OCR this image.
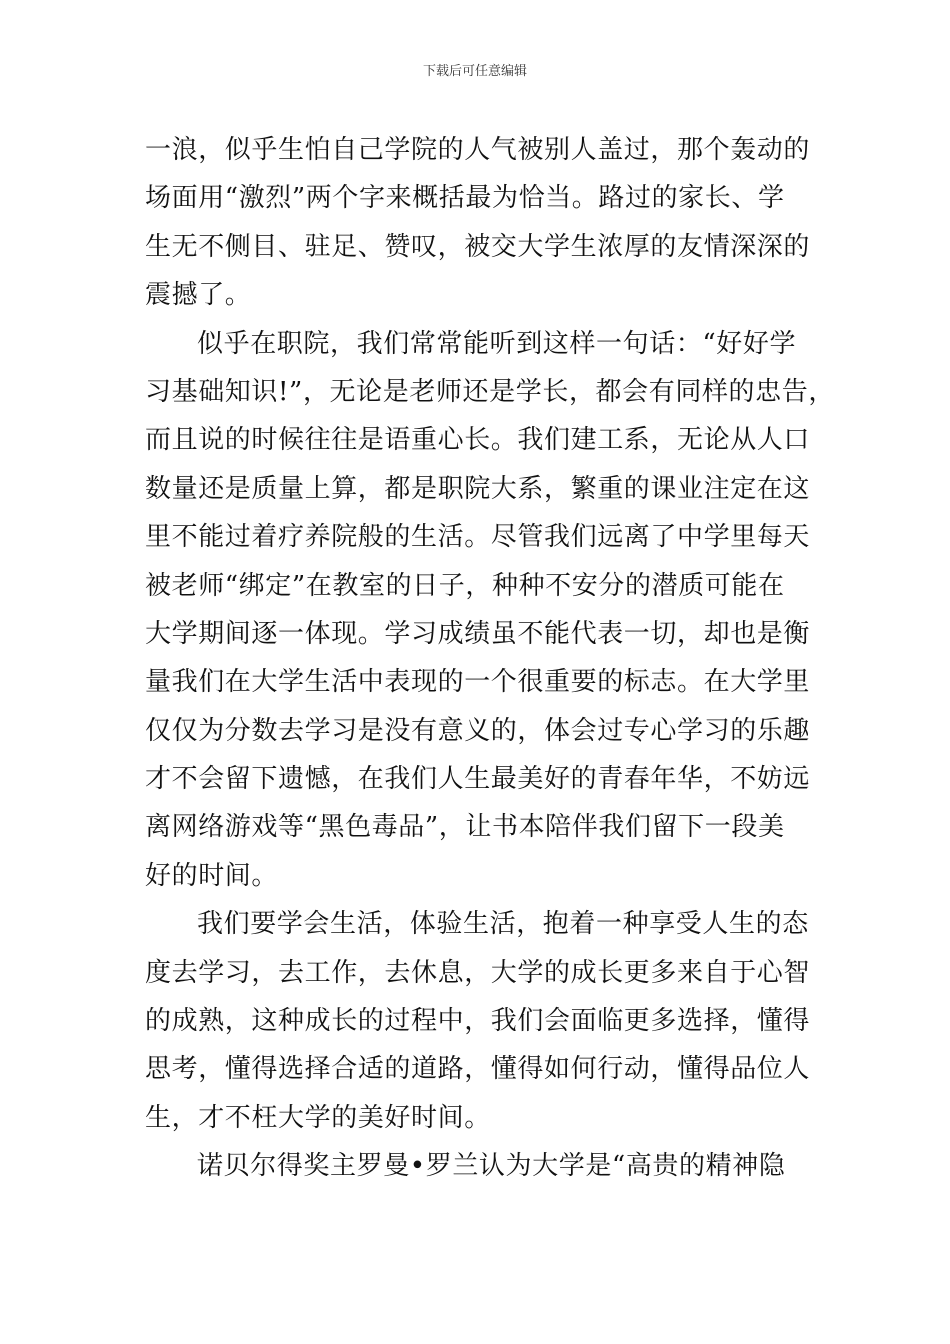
下载后可任意编辑
一浪，似乎生怕自己学院的人气被别人盖过，那个轰动的
场面用“激烈”两个字来概括最为恰当。路过的家长、学
生无不侧目、驻足、赞叹，被交大学生浓厚的友情深深的
震撼了。
似乎在职院，我们常常能听到这样一句话：“好好学
习基础知识!”，无论是老师还是学长，都会有同样的忠告，
而且说的时候往往是语重心长。我们建工系，无论从人口
数量还是质量上算，都是职院大系，繁重的课业注定在这
里不能过着疗养院般的生活。尽管我们远离了中学里每天
被老师“绑定”在教室的日子，种种不安分的潜质可能在
大学期间逐一体现。学习成绩虽不能代表一切，却也是衡
量我们在大学生活中表现的一个很重要的标志。在大学里
仅仅为分数去学习是没有意义的，体会过专心学习的乐趣
才不会留下遗憾，在我们人生最美好的青春年华，不妨远
离网络游戏等“黑色毒品”，让书本陪伴我们留下一段美
好的时间。
我们要学会生活，体验生活，抱着一种享受人生的态
度去学习，去工作，去休息，大学的成长更多来自于心智
的成熟，这种成长的过程中，我们会面临更多选择，懂得
思考，懂得选择合适的道路，懂得如何行动，懂得品位人
生，才不枉大学的美好时间。
诺贝尔得奖主罗曼•罗兰认为大学是“高贵的精神隐
